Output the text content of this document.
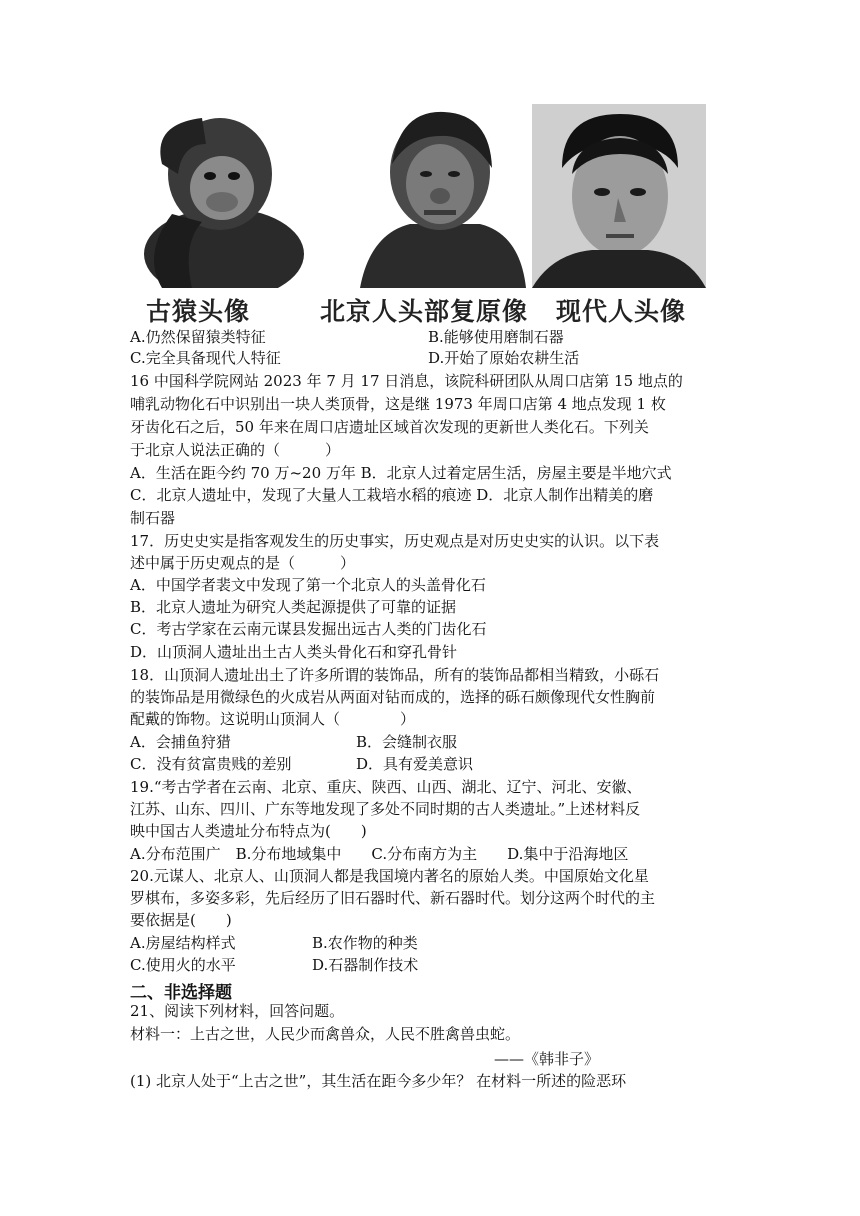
古猿头像	北京人头部复原像 现代人头像
A.仍然保留猿类特征	B.能够使用磨制石器
C.完全具备现代人特征	D.开始了原始农耕生活
16 中国科学院网站 2023 年 7 月 17 日消息，该院科研团队从周口店第 15 地点的
哺乳动物化石中识别出一块人类顶骨，这是继 1973 年周口店第 4 地点发现 1 枚
牙齿化石之后，50 年来在周口店遗址区域首次发现的更新世人类化石。下列关
于北京人说法正确的（　　　）
A．生活在距今约 70 万~20 万年 B．北京人过着定居生活，房屋主要是半地穴式
C．北京人遗址中，发现了大量人工栽培水稻的痕迹 D．北京人制作出精美的磨
制石器
17．历史史实是指客观发生的历史事实，历史观点是对历史史实的认识。以下表
述中属于历史观点的是（　　　）
A．中国学者裴文中发现了第一个北京人的头盖骨化石
B．北京人遗址为研究人类起源提供了可靠的证据
C．考古学家在云南元谋县发掘出远古人类的门齿化石
D．山顶洞人遗址出土古人类头骨化石和穿孔骨针
18．山顶洞人遗址出土了许多所谓的装饰品，所有的装饰品都相当精致，小砾石
的装饰品是用微绿色的火成岩从两面对钻而成的，选择的砾石颇像现代女性胸前
配戴的饰物。这说明山顶洞人（　　　　）
A．会捕鱼狩猎	B．会缝制衣服
C．没有贫富贵贱的差别	D．具有爱美意识
19.“考古学者在云南、北京、重庆、陕西、山西、湖北、辽宁、河北、安徽、
江苏、山东、四川、广东等地发现了多处不同时期的古人类遗址。”上述材料反
映中国古人类遗址分布特点为(　　)
A.分布范围广　B.分布地域集中　　C.分布南方为主　　D.集中于沿海地区
20.元谋人、北京人、山顶洞人都是我国境内著名的原始人类。中国原始文化星
罗棋布，多姿多彩，先后经历了旧石器时代、新石器时代。划分这两个时代的主
要依据是(　　)
A.房屋结构样式	B.农作物的种类
C.使用火的水平	D.石器制作技术
二、非选择题
21、阅读下列材料，回答问题。
材料一：上古之世，人民少而禽兽众，人民不胜禽兽虫蛇。
——《韩非子》
(1) 北京人处于“上古之世”，其生活在距今多少年？ 在材料一所述的险恶环
